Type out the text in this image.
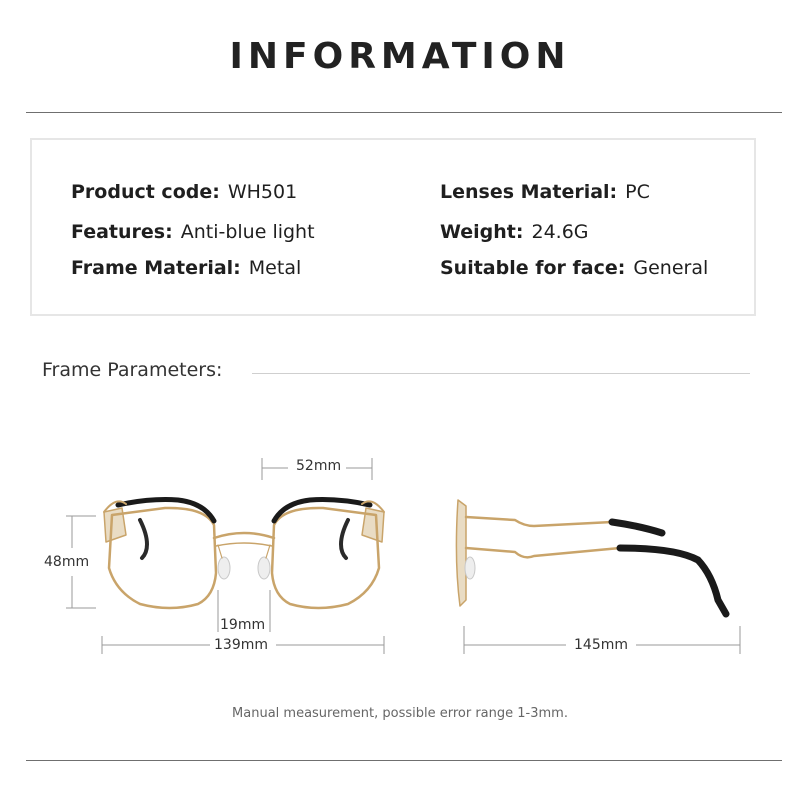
INFORMATION
Product code: WH501	Lenses Material: PC
Features: Anti-blue light	Weight: 24.6G
Frame Material: Metal	Suitable for face: General
Frame Parameters:
52mm
48mm
19mm
139mm	145mm
Manual measurement, possible error range 1-3mm.
